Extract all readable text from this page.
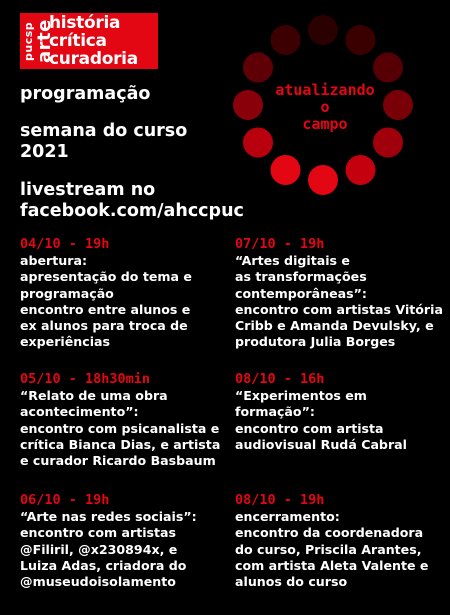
pucsp arte
história
crítica
curadoria
programação
semana do curso
2021
livestream no
facebook.com/ahccpuc
atualizando
o
campo
04/10 - 19h
abertura:
apresentação do tema e
programação
encontro entre alunos e
ex alunos para troca de
experiências
07/10 - 19h
“Artes digitais e
as transformações
contemporâneas”:
encontro com artistas Vitória
Cribb e Amanda Devulsky, e
produtora Julia Borges
05/10 - 18h30min
“Relato de uma obra
acontecimento”:
encontro com psicanalista e
crítica Bianca Dias, e artista
e curador Ricardo Basbaum
08/10 - 16h
“Experimentos em
formação”:
encontro com artista
audiovisual Rudá Cabral
06/10 - 19h
“Arte nas redes sociais”:
encontro com artistas
@Filiril, @x230894x, e
Luiza Adas, criadora do
@museudoisolamento
08/10 - 19h
encerramento:
encontro da coordenadora
do curso, Priscila Arantes,
com artista Aleta Valente e
alunos do curso
